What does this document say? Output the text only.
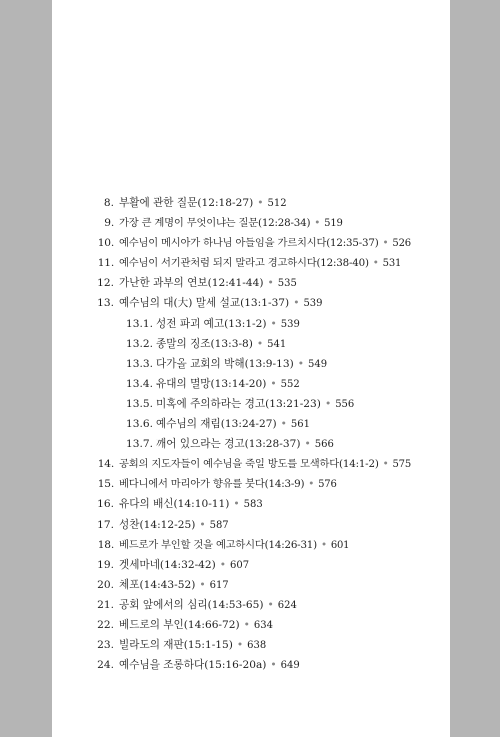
8. 부활에 관한 질문(12:18-27) • 512
9. 가장 큰 계명이 무엇이냐는 질문(12:28-34) • 519
10. 예수님이 메시아가 하나님 아들임을 가르치시다(12:35-37) • 526
11. 예수님이 서기관처럼 되지 말라고 경고하시다(12:38-40) • 531
12. 가난한 과부의 연보(12:41-44) • 535
13. 예수님의 대(大) 말세 설교(13:1-37) • 539
13.1. 성전 파괴 예고(13:1-2) • 539
13.2. 종말의 징조(13:3-8) • 541
13.3. 다가올 교회의 박해(13:9-13) • 549
13.4. 유대의 멸망(13:14-20) • 552
13.5. 미혹에 주의하라는 경고(13:21-23) • 556
13.6. 예수님의 재림(13:24-27) • 561
13.7. 깨어 있으라는 경고(13:28-37) • 566
14. 공회의 지도자들이 예수님을 죽일 방도를 모색하다(14:1-2) • 575
15. 베다니에서 마리아가 향유를 붓다(14:3-9) • 576
16. 유다의 배신(14:10-11) • 583
17. 성찬(14:12-25) • 587
18. 베드로가 부인할 것을 예고하시다(14:26-31) • 601
19. 겟세마네(14:32-42) • 607
20. 체포(14:43-52) • 617
21. 공회 앞에서의 심리(14:53-65) • 624
22. 베드로의 부인(14:66-72) • 634
23. 빌라도의 재판(15:1-15) • 638
24. 예수님을 조롱하다(15:16-20a) • 649
